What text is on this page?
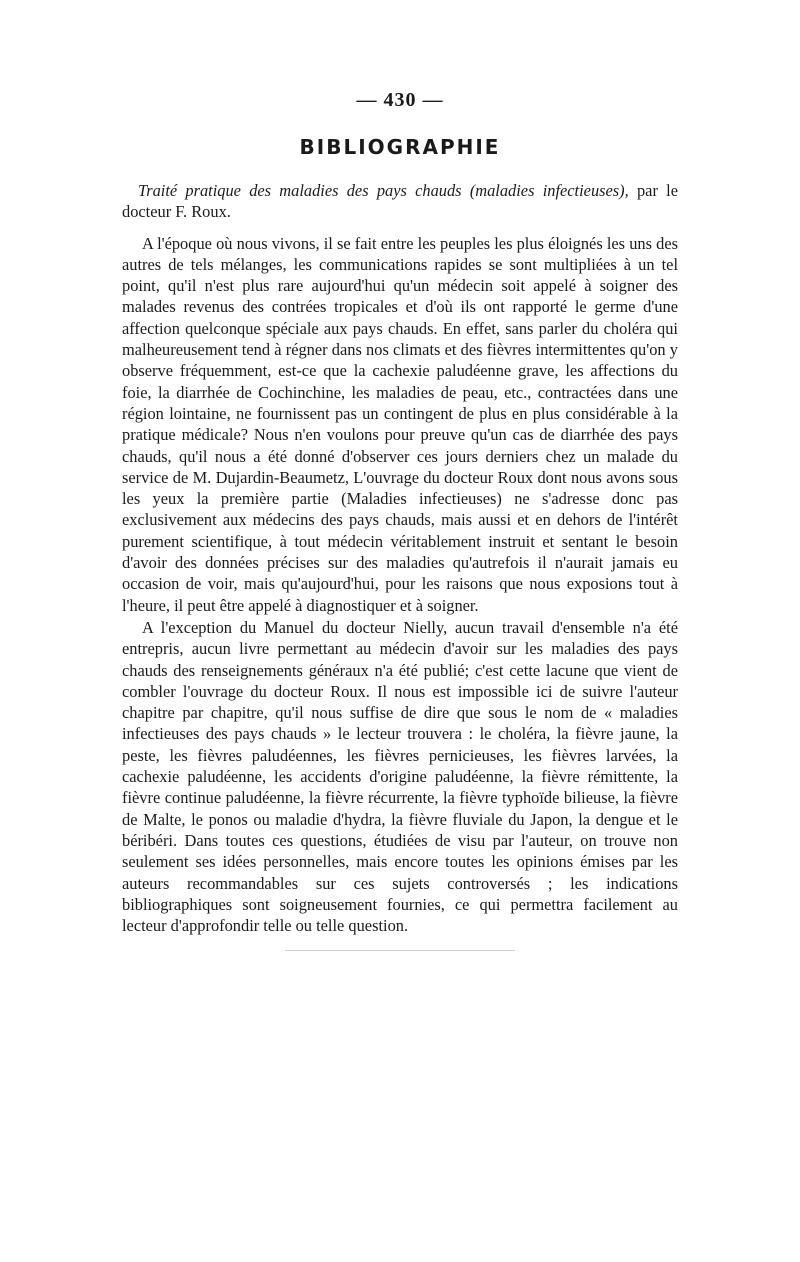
— 430 —
BIBLIOGRAPHIE
Traité pratique des maladies des pays chauds (maladies infectieuses), par le docteur F. Roux.

A l'époque où nous vivons, il se fait entre les peuples les plus éloignés les uns des autres de tels mélanges, les communications rapides se sont multipliées à un tel point, qu'il n'est plus rare aujourd'hui qu'un médecin soit appelé à soigner des malades revenus des contrées tropicales et d'où ils ont rapporté le germe d'une affection quelconque spéciale aux pays chauds. En effet, sans parler du choléra qui malheureusement tend à régner dans nos climats et des fièvres intermittentes qu'on y observe fréquemment, est-ce que la cachexie paludéenne grave, les affections du foie, la diarrhée de Cochinchine, les maladies de peau, etc., contractées dans une région lointaine, ne fournissent pas un contingent de plus en plus considérable à la pratique médicale? Nous n'en voulons pour preuve qu'un cas de diarrhée des pays chauds, qu'il nous a été donné d'observer ces jours derniers chez un malade du service de M. Dujardin-Beaumetz, L'ouvrage du docteur Roux dont nous avons sous les yeux la première partie (Maladies infectieuses) ne s'adresse donc pas exclusivement aux médecins des pays chauds, mais aussi et en dehors de l'intérêt purement scientifique, à tout médecin véritablement instruit et sentant le besoin d'avoir des données précises sur des maladies qu'autrefois il n'aurait jamais eu occasion de voir, mais qu'aujourd'hui, pour les raisons que nous exposions tout à l'heure, il peut être appelé à diagnostiquer et à soigner.

A l'exception du Manuel du docteur Nielly, aucun travail d'ensemble n'a été entrepris, aucun livre permettant au médecin d'avoir sur les maladies des pays chauds des renseignements généraux n'a été publié; c'est cette lacune que vient de combler l'ouvrage du docteur Roux. Il nous est impossible ici de suivre l'auteur chapitre par chapitre, qu'il nous suffise de dire que sous le nom de « maladies infectieuses des pays chauds » le lecteur trouvera : le choléra, la fièvre jaune, la peste, les fièvres paludéennes, les fièvres pernicieuses, les fièvres larvées, la cachexie paludéenne, les accidents d'origine paludéenne, la fièvre rémittente, la fièvre continue paludéenne, la fièvre récurrente, la fièvre typhoïde bilieuse, la fièvre de Malte, le ponos ou maladie d'hydra, la fièvre fluviale du Japon, la dengue et le béribéri. Dans toutes ces questions, étudiées de visu par l'auteur, on trouve non seulement ses idées personnelles, mais encore toutes les opinions émises par les auteurs recommandables sur ces sujets controversés ; les indications bibliographiques sont soigneusement fournies, ce qui permettra facilement au lecteur d'approfondir telle ou telle question.
